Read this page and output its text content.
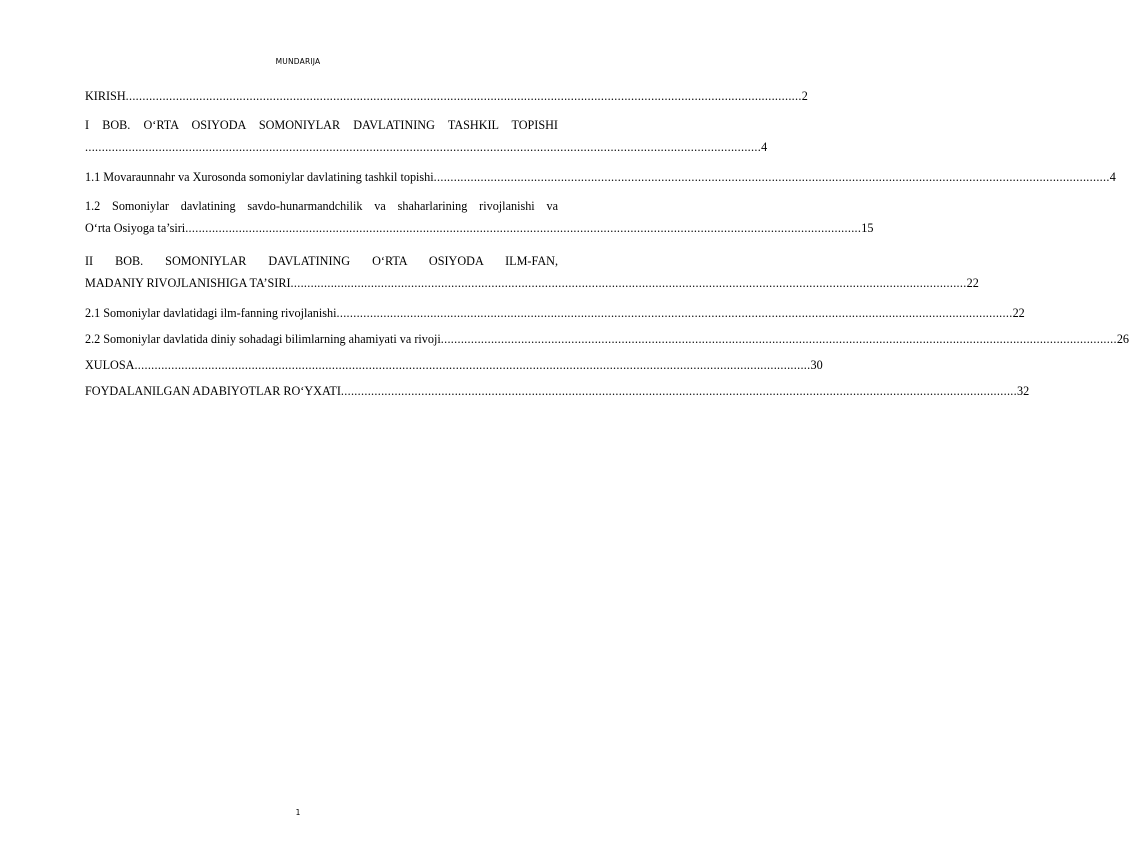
MUNDARIJA
KIRISH .......................................................................................................................................................................................................... 2
I BOB. O‘RTA OSIYODA SOMONIYLAR DAVLATINING TASHKIL TOPISHI
.......................................................................................................................................................................................................... 4
1.1 Movaraunnahr va Xurosonda somoniylar davlatining tashkil topishi .......................................................................................................................................................................................................... 4
1.2 Somoniylar davlatining savdo-hunarmandchilik va shaharlarining rivojlanishi va
O‘rta Osiyoga ta’siri .......................................................................................................................................................................................................... 15
II BOB. SOMONIYLAR DAVLATINING O‘RTA OSIYODA ILM-FAN,
MADANIY RIVOJLANISHIGA TA’SIRI .......................................................................................................................................................................................................... 22
2.1 Somoniylar davlatidagi ilm-fanning rivojlanishi .......................................................................................................................................................................................................... 22
2.2 Somoniylar davlatida diniy sohadagi bilimlarning ahamiyati va rivoji .......................................................................................................................................................................................................... 26
XULOSA .......................................................................................................................................................................................................... 30
FOYDALANILGAN ADABIYOTLAR RO‘YXATI .......................................................................................................................................................................................................... 32
1
